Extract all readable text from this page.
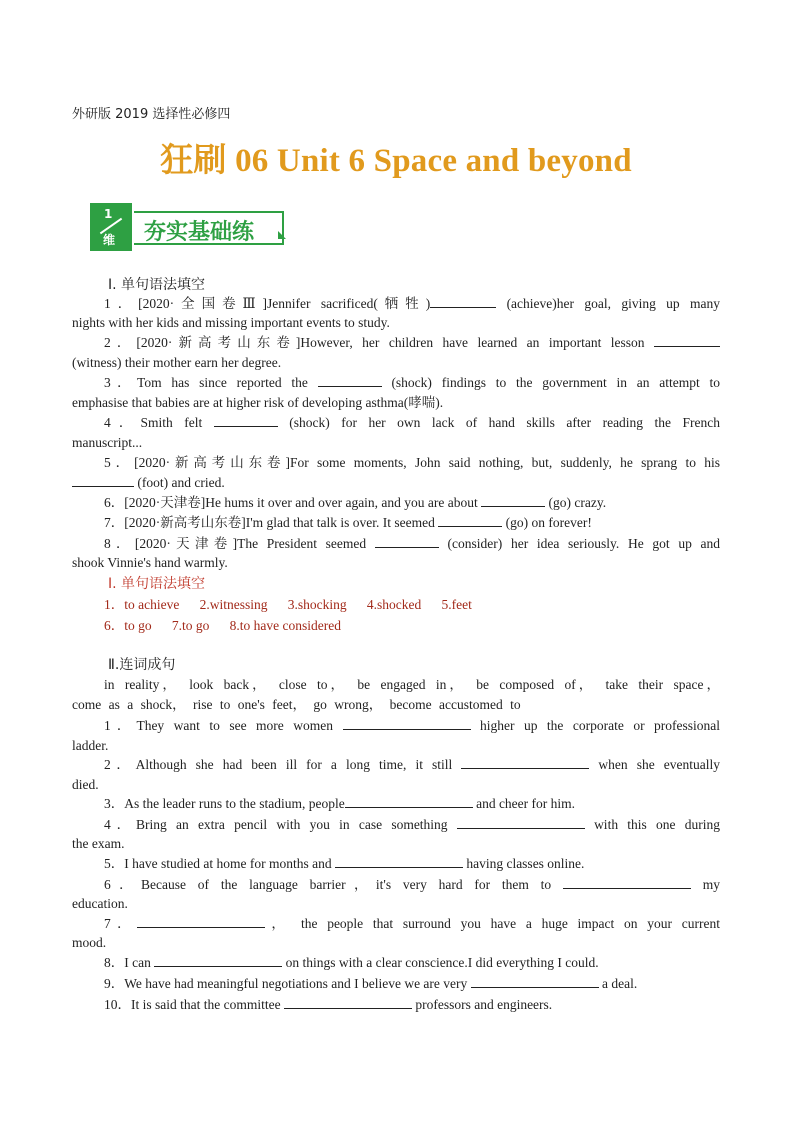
外研版 2019 选择性必修四
狂刷 06 Unit 6 Space and beyond
1
维 夯实基础练
Ⅰ. 单句语法填空
1．[2020·全国卷Ⅲ]Jennifer sacrificed(牺牲)	(achieve)her goal, giving up many
nights with her kids and missing important events to study.
2．[2020·新高考山东卷]However, her children have learned an important lesson
(witness) their mother earn her degree.
3．Tom has since reported the	(shock) findings to the government in an attempt to
emphasise that babies are at higher risk of developing asthma(哮喘).
4．Smith felt	(shock) for her own lack of hand skills after reading the French
manuscript...
5．[2020·新高考山东卷]For some moments, John said nothing, but, suddenly, he sprang to his
(foot) and cried.
6．[2020·天津卷]He hums it over and over again, and you are about	(go) crazy.
7．[2020·新高考山东卷]I'm glad that talk is over. It seemed	(go) on forever!
8．[2020·天津卷]The President seemed	(consider) her idea seriously. He got up and
shook Vinnie's hand warmly.
Ⅰ. 单句语法填空
1．to achieve 2.witnessing 3.shocking 4.shocked 5.feet
6．to go 7.to go 8.to have considered
Ⅱ.连词成句
in reality， look back， close to， be engaged in， be composed of， take their space，
come as a shock， rise to one's feet， go wrong， become accustomed to
1．They want to see more women	higher up the corporate or professional
ladder.
2．Although she had been ill for a long time, it still	when she eventually
died.
3．As the leader runs to the stadium, people	and cheer for him.
4．Bring an extra pencil with you in case something	with this one during
the exam.
5．I have studied at home for months and	having classes online.
6．Because of the language barrier，it's very hard for them to	my
education.
7．	， the people that surround you have a huge impact on your current
mood.
8．I can	on things with a clear conscience.I did everything I could.
9．We have had meaningful negotiations and I believe we are very	a deal.
10．It is said that the committee	professors and engineers.
